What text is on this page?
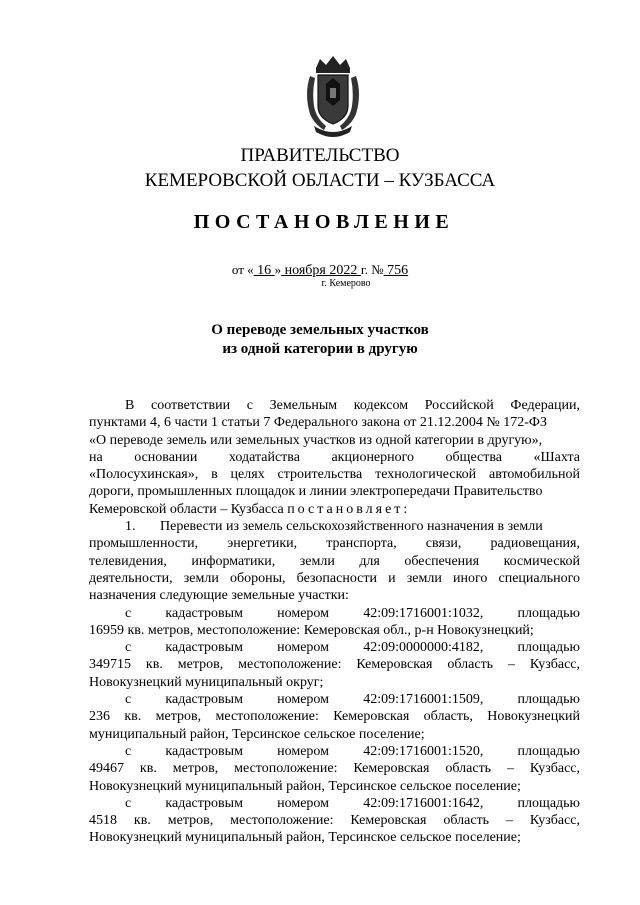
ПРАВИТЕЛЬСТВО
КЕМЕРОВСКОЙ ОБЛАСТИ – КУЗБАССА
ПОСТАНОВЛЕНИЕ
от « 16 » ноября 2022 г. № 756
г. Кемерово
О переводе земельных участков
из одной категории в другую
В соответствии с Земельным кодексом Российской Федерации,
пунктами 4, 6 части 1 статьи 7 Федерального закона от 21.12.2004 № 172-ФЗ
«О переводе земель или земельных участков из одной категории в другую»,
на основании ходатайства акционерного общества «Шахта
«Полосухинская», в целях строительства технологической автомобильной
дороги, промышленных площадок и линии электропередачи Правительство
Кемеровской области – Кузбасса постановляет:
1. Перевести из земель сельскохозяйственного назначения в земли
промышленности, энергетики, транспорта, связи, радиовещания,
телевидения, информатики, земли для обеспечения космической
деятельности, земли обороны, безопасности и земли иного специального
назначения следующие земельные участки:
с кадастровым номером 42:09:1716001:1032, площадью
16959 кв. метров, местоположение: Кемеровская обл., р-н Новокузнецкий;
с кадастровым номером 42:09:0000000:4182, площадью
349715 кв. метров, местоположение: Кемеровская область – Кузбасс,
Новокузнецкий муниципальный округ;
с кадастровым номером 42:09:1716001:1509, площадью
236 кв. метров, местоположение: Кемеровская область, Новокузнецкий
муниципальный район, Терсинское сельское поселение;
с кадастровым номером 42:09:1716001:1520, площадью
49467 кв. метров, местоположение: Кемеровская область – Кузбасс,
Новокузнецкий муниципальный район, Терсинское сельское поселение;
с кадастровым номером 42:09:1716001:1642, площадью
4518 кв. метров, местоположение: Кемеровская область – Кузбасс,
Новокузнецкий муниципальный район, Терсинское сельское поселение;
